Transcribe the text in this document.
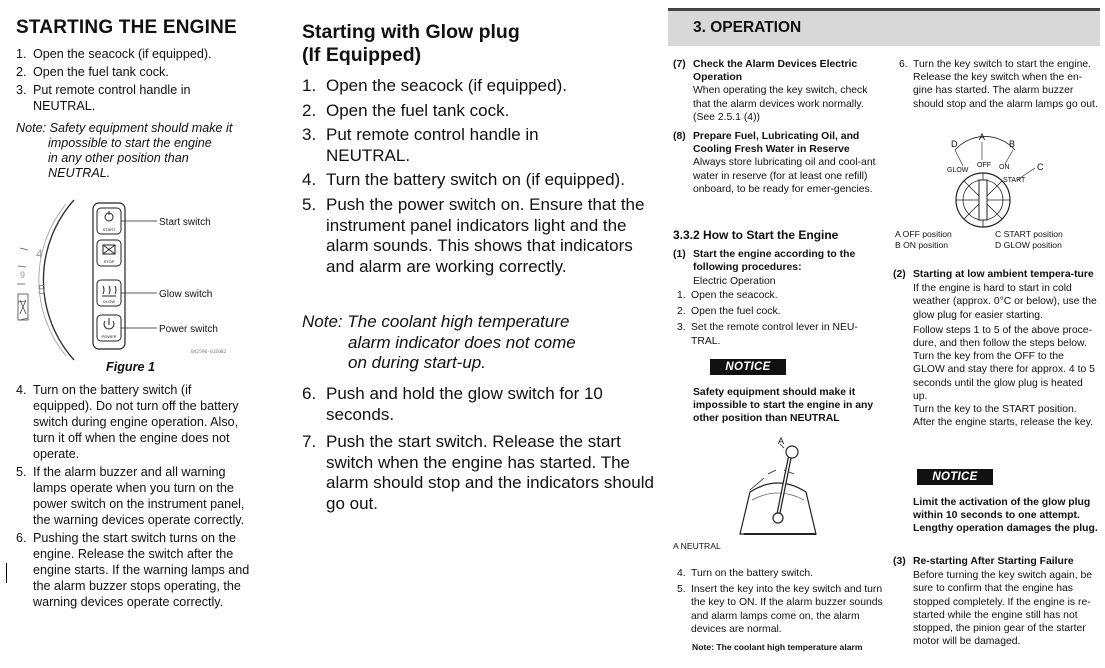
STARTING THE ENGINE
1. Open the seacock (if equipped).
2. Open the fuel tank cock.
3. Put remote control handle in NEUTRAL.
Note: Safety equipment should make it
impossible to start the engine in any other position than NEUTRAL.
4
5
9
START
STOP
GLOW
POWER
Start switch
Glow switch
Power switch
042590-01E002
Figure 1
4. Turn on the battery switch (if equipped). Do not turn off the battery switch during engine operation. Also, turn it off when the engine does not operate.
5. If the alarm buzzer and all warning lamps operate when you turn on the power switch on the instrument panel, the warning devices operate correctly.
6. Pushing the start switch turns on the engine. Release the switch after the engine starts. If the warning lamps and the alarm buzzer stops operating, the warning devices operate correctly.
Starting with Glow plug
(If Equipped)
1. Open the seacock (if equipped).
2. Open the fuel tank cock.
3. Put remote control handle in NEUTRAL.
4. Turn the battery switch on (if equipped).
5. Push the power switch on. Ensure that the instrument panel indicators light and the alarm sounds. This shows that indicators and alarm are working correctly.
Note: The coolant high temperature
alarm indicator does not come on during start-up.
6. Push and hold the glow switch for 10 seconds.
7. Push the start switch. Release the start switch when the engine has started. The alarm should stop and the indicators should go out.
3. OPERATION
(7) Check the Alarm Devices Electric Operation
When operating the key switch, check that the alarm devices work normally. (See 2.5.1 (4))
(8) Prepare Fuel, Lubricating Oil, and Cooling Fresh Water in Reserve
Always store lubricating oil and cool-ant water in reserve (for at least one refill) onboard, to be ready for emer-gencies.
3.3.2 How to Start the Engine
(1) Start the engine according to the following procedures:
Electric Operation
1. Open the seacock.
2. Open the fuel cock.
3. Set the remote control lever in NEU-TRAL.
NOTICE
Safety equipment should make it impossible to start the engine in any other position than NEUTRAL
A
A NEUTRAL
4. Turn on the battery switch.
5. Insert the key into the key switch and turn the key to ON. If the alarm buzzer sounds and alarm lamps come on, the alarm devices are normal.
Note: The coolant high temperature alarm
6. Turn the key switch to start the engine. Release the key switch when the en-gine has started. The alarm buzzer should stop and the alarm lamps go out.
D
A
B
C
GLOW
OFF ON
START
A OFF position	C START position
B ON position	D GLOW position
(2) Starting at low ambient tempera-ture
If the engine is hard to start in cold weather (approx. 0°C or below), use the glow plug for easier starting.
Follow steps 1 to 5 of the above proce-dure, and then follow the steps below.
Turn the key from the OFF to the GLOW and stay there for approx. 4 to 5 seconds until the glow plug is heated up.
Turn the key to the START position. After the engine starts, release the key.
NOTICE
Limit the activation of the glow plug within 10 seconds to one attempt. Lengthy operation damages the plug.
(3) Re-starting After Starting Failure
Before turning the key switch again, be sure to confirm that the engine has stopped completely. If the engine is re-started while the engine still has not stopped, the pinion gear of the starter motor will be damaged.
